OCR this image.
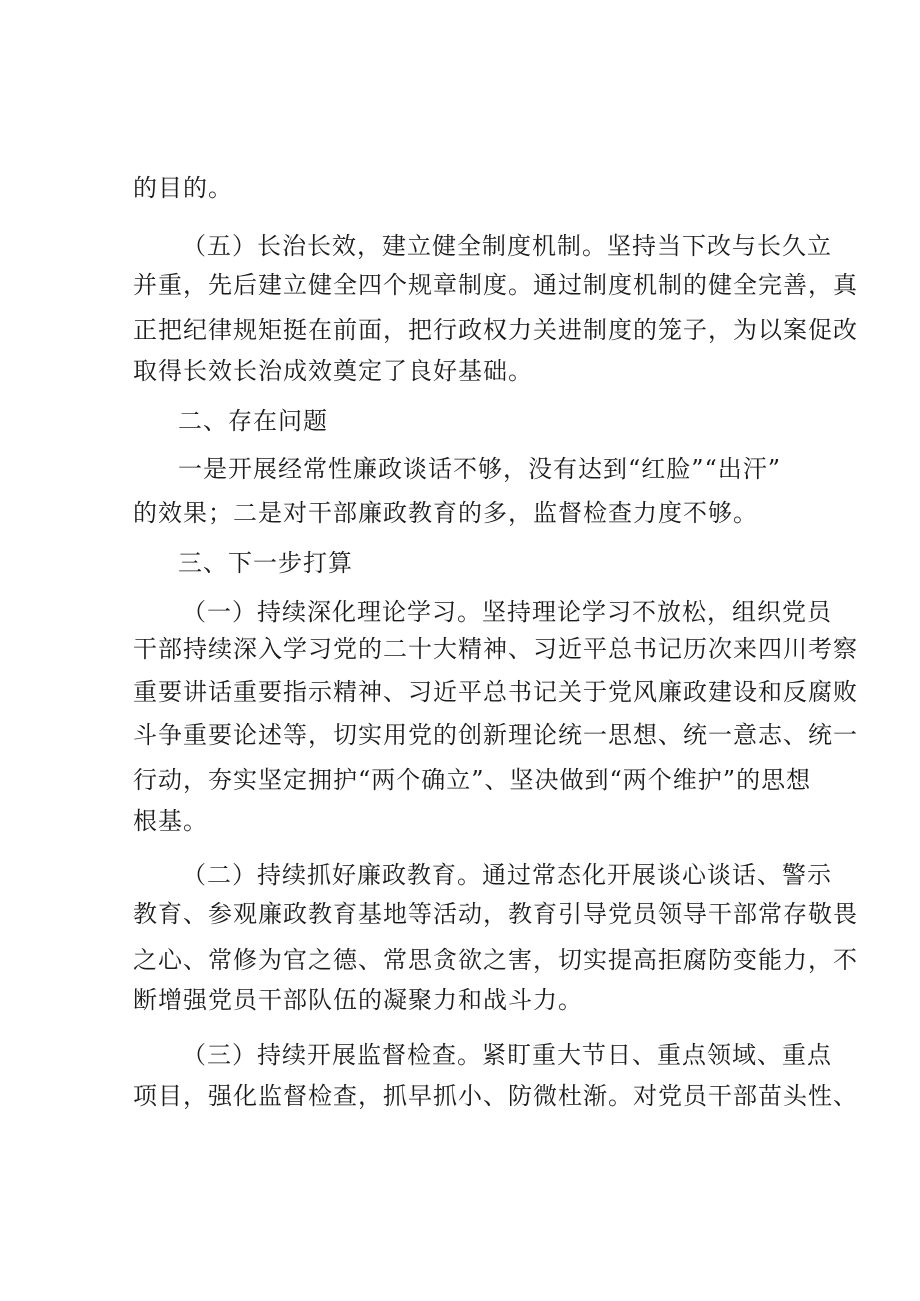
的目的。
（五）长治长效，建立健全制度机制。坚持当下改与长久立
并重，先后建立健全四个规章制度。通过制度机制的健全完善，真
正把纪律规矩挺在前面，把行政权力关进制度的笼子，为以案促改
取得长效长治成效奠定了良好基础。
二、存在问题
一是开展经常性廉政谈话不够，没有达到“红脸”“出汗”
的效果；二是对干部廉政教育的多，监督检查力度不够。
三、下一步打算
（一）持续深化理论学习。坚持理论学习不放松，组织党员
干部持续深入学习党的二十大精神、习近平总书记历次来四川考察
重要讲话重要指示精神、习近平总书记关于党风廉政建设和反腐败
斗争重要论述等，切实用党的创新理论统一思想、统一意志、统一
行动，夯实坚定拥护“两个确立”、坚决做到“两个维护”的思想
根基。
（二）持续抓好廉政教育。通过常态化开展谈心谈话、警示
教育、参观廉政教育基地等活动，教育引导党员领导干部常存敬畏
之心、常修为官之德、常思贪欲之害，切实提高拒腐防变能力，不
断增强党员干部队伍的凝聚力和战斗力。
（三）持续开展监督检查。紧盯重大节日、重点领域、重点
项目，强化监督检查，抓早抓小、防微杜渐。对党员干部苗头性、
